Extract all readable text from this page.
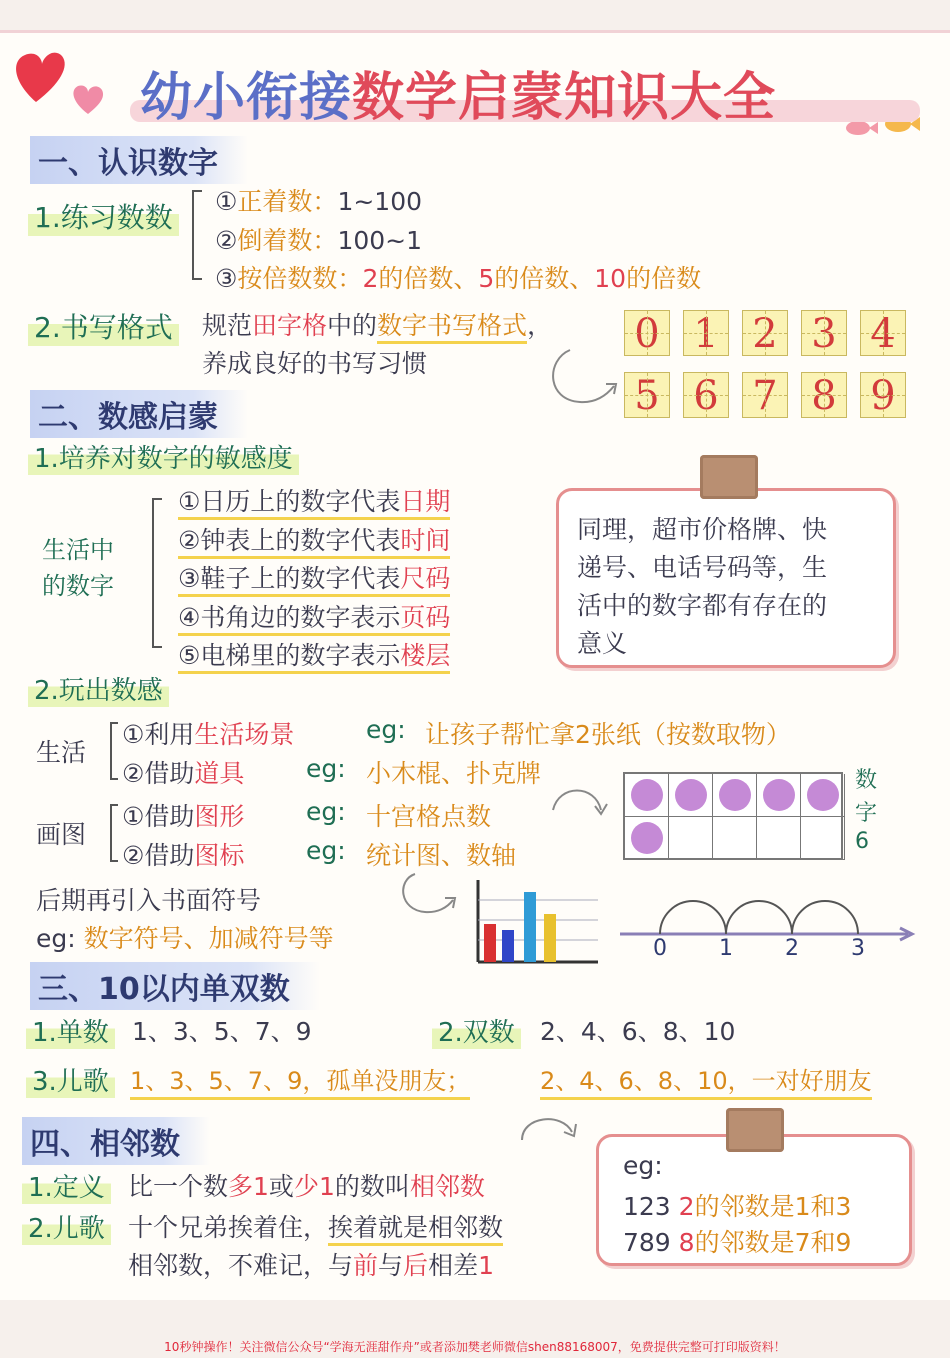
幼小衔接数学启蒙知识大全
一、认识数字
1.练习数数 ①正着数：1~100
②倒着数：100~1
③按倍数数：2的倍数、5的倍数、10的倍数
2.书写格式 规范田字格中的数字书写格式，
养成良好的书写习惯
0 1 2 3 4
5 6 7 8 9
二、数感启蒙
1.培养对数字的敏感度
生活中
的数字
①日历上的数字代表日期
②钟表上的数字代表时间
③鞋子上的数字代表尺码
④书角边的数字表示页码
⑤电梯里的数字表示楼层
同理，超市价格牌、快
递号、电话号码等，生
活中的数字都有存在的
意义
2.玩出数感
生活
画图
①利用生活场景	eg: 让孩子帮忙拿2张纸（按数取物）
②借助道具 eg: 小木棍、扑克牌
①借助图形 eg: 十宫格点数
②借助图标 eg: 统计图、数轴
数
字
6
后期再引入书面符号
eg: 数字符号、加减符号等	0 1 2 3
三、10以内单双数
1.单数 1、3、5、7、9	2.双数 2、4、6、8、10
3.儿歌 1、3、5、7、9，孤单没朋友；	2、4、6、8、10，一对好朋友
四、相邻数
1.定义 比一个数多1或少1的数叫相邻数
2.儿歌 十个兄弟挨着住，挨着就是相邻数
相邻数，不难记，与前与后相差1
eg:
123 2的邻数是1和3
789 8的邻数是7和9
10秒钟操作！关注微信公众号“学海无涯甜作舟”或者添加樊老师微信shen88168007，免费提供完整可打印版资料！
